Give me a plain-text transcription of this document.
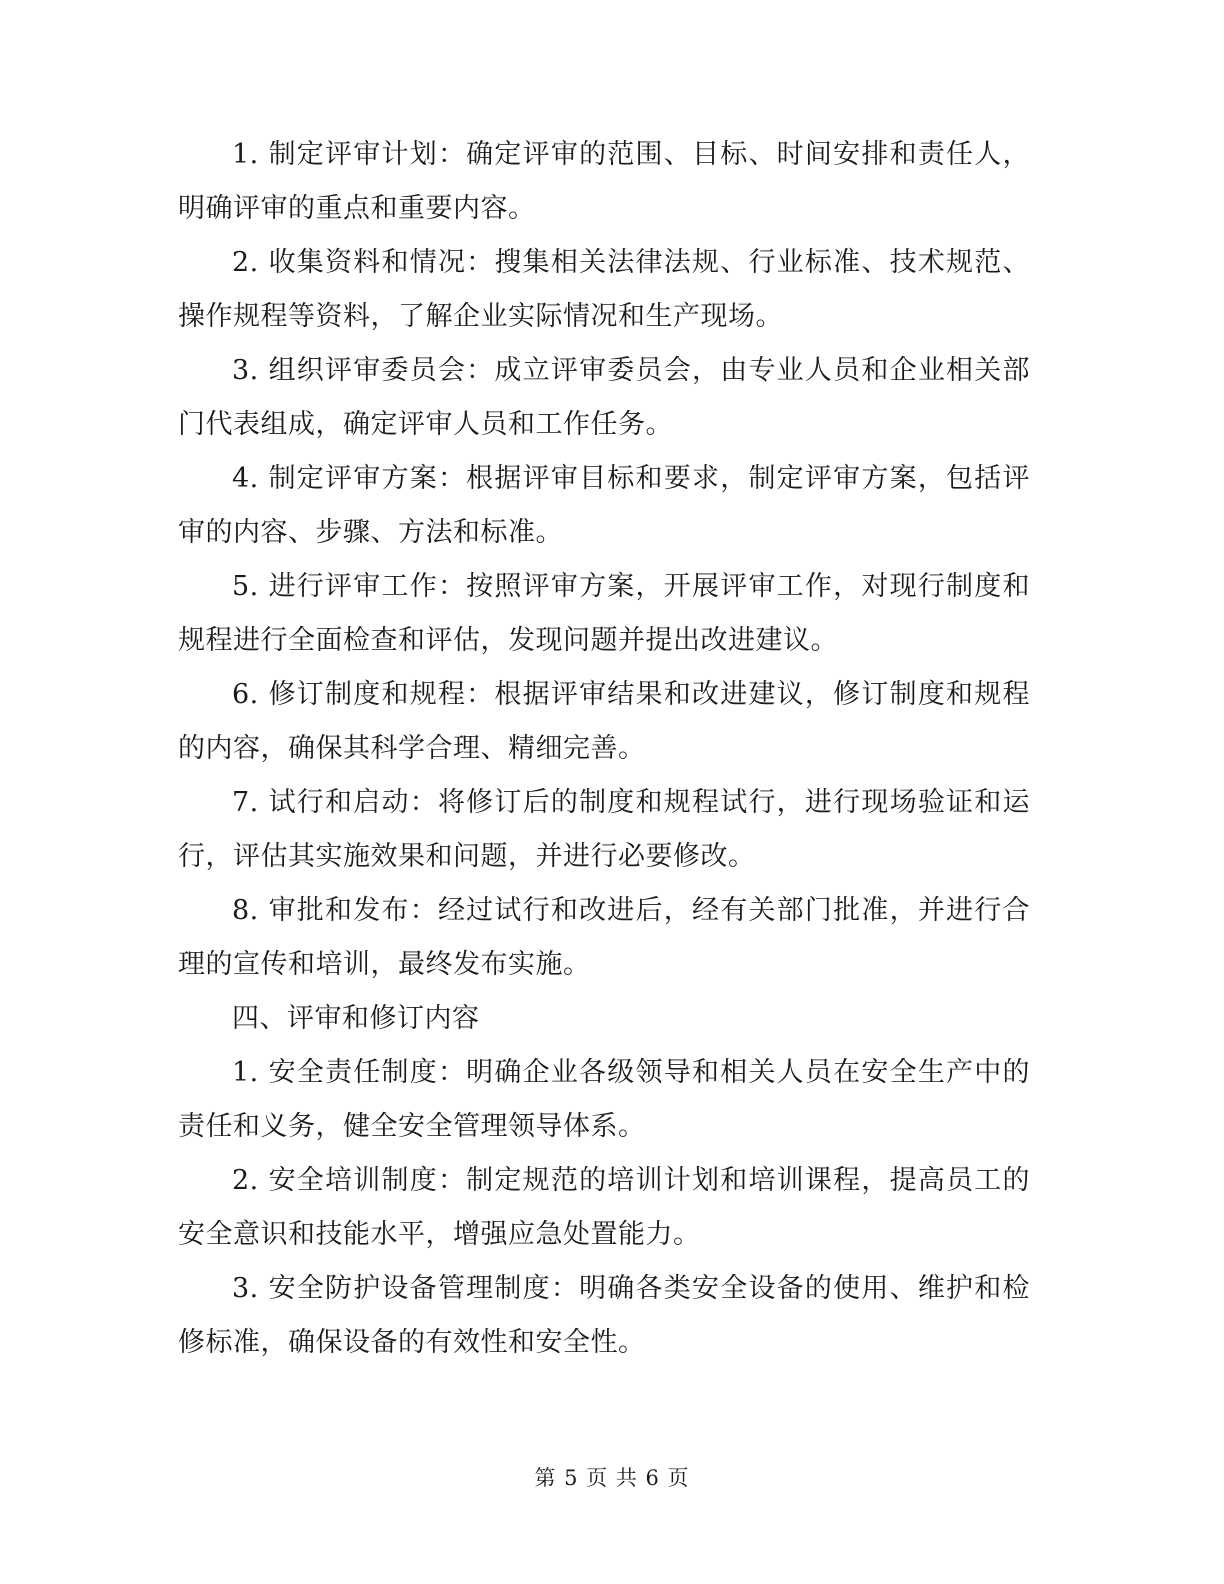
1. 制定评审计划：确定评审的范围、目标、时间安排和责任人，明确评审的重点和重要内容。

2. 收集资料和情况：搜集相关法律法规、行业标准、技术规范、操作规程等资料，了解企业实际情况和生产现场。

3. 组织评审委员会：成立评审委员会，由专业人员和企业相关部门代表组成，确定评审人员和工作任务。

4. 制定评审方案：根据评审目标和要求，制定评审方案，包括评审的内容、步骤、方法和标准。

5. 进行评审工作：按照评审方案，开展评审工作，对现行制度和规程进行全面检查和评估，发现问题并提出改进建议。

6. 修订制度和规程：根据评审结果和改进建议，修订制度和规程的内容，确保其科学合理、精细完善。

7. 试行和启动：将修订后的制度和规程试行，进行现场验证和运行，评估其实施效果和问题，并进行必要修改。

8. 审批和发布：经过试行和改进后，经有关部门批准，并进行合理的宣传和培训，最终发布实施。

四、评审和修订内容

1. 安全责任制度：明确企业各级领导和相关人员在安全生产中的责任和义务，健全安全管理领导体系。

2. 安全培训制度：制定规范的培训计划和培训课程，提高员工的安全意识和技能水平，增强应急处置能力。

3. 安全防护设备管理制度：明确各类安全设备的使用、维护和检修标准，确保设备的有效性和安全性。

第 5 页 共 6 页
